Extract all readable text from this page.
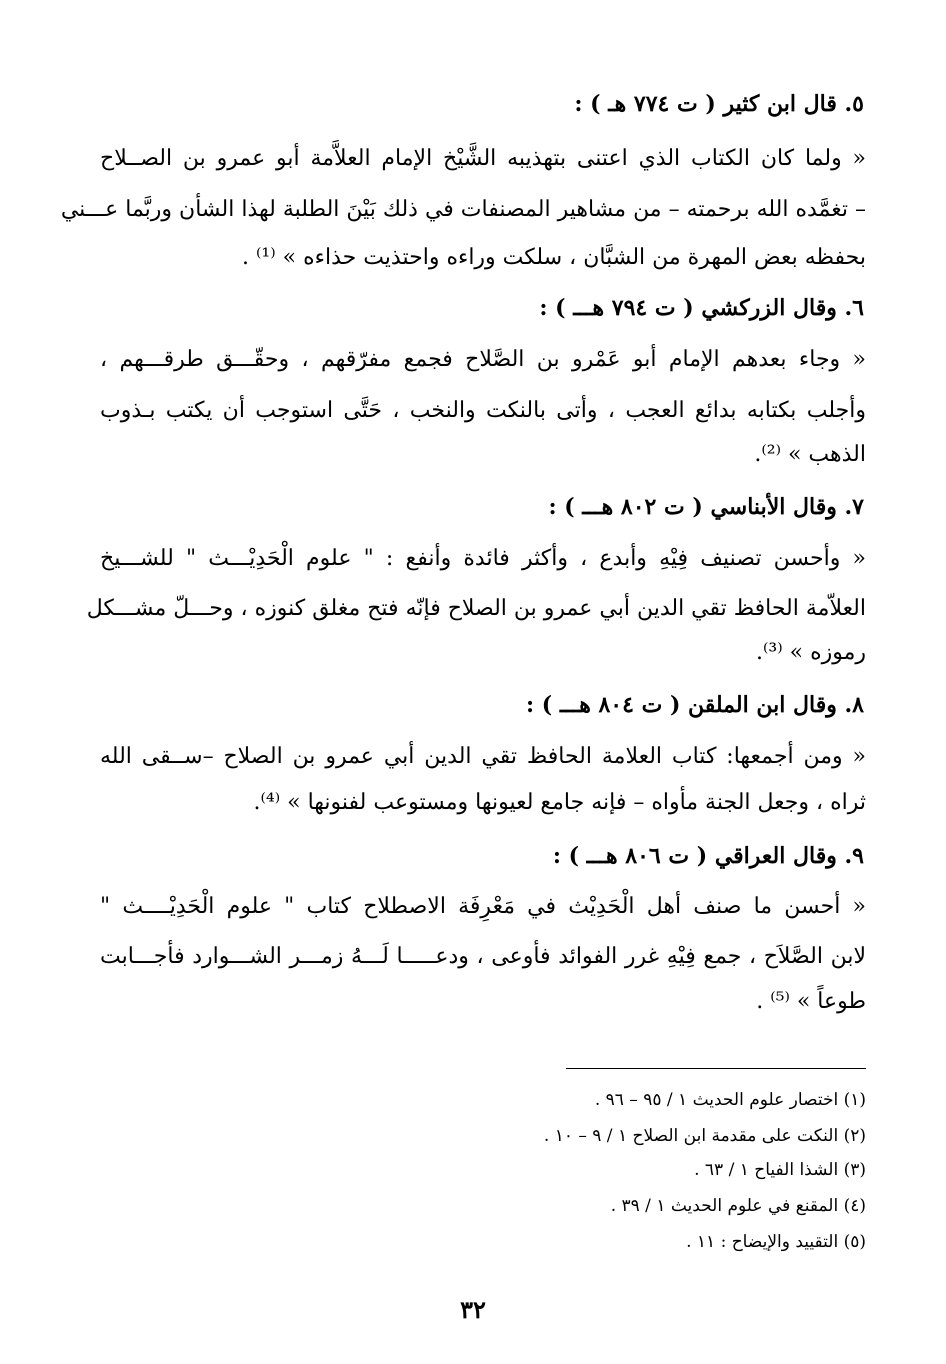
٥. قال ابن كثير ( ت ٧٧٤ هـ ) :
« ولما كان الكتاب الذي اعتنى بتهذيبه الشَّيْخ الإمام العلاَّمة أبو عمرو بن الصــلاح
– تغمَّده الله برحمته – من مشاهير المصنفات في ذلك بَيْنَ الطلبة لهذا الشأن وربَّما عـــني
بحفظه بعض المهرة من الشبَّان ، سلكت وراءه واحتذيت حذاءه » ⁽¹⁾ .
٦. وقال الزركشي ( ت ٧٩٤ هـــ ) :
« وجاء بعدهم الإمام أبو عَمْرو بن الصَّلاح فجمع مفرّقهم ، وحقّـــق طرقـــهم ،
وأجلب بكتابه بدائع العجب ، وأتى بالنكت والنخب ، حَتَّى استوجب أن يكتب بـذوب
الذهب » ⁽²⁾.
٧. وقال الأبناسي ( ت ٨٠٢ هـــ ) :
« وأحسن تصنيف فِيْهِ وأبدع ، وأكثر فائدة وأنفع : " علوم الْحَدِيْـــث " للشـــيخ
العلاّمة الحافظ تقي الدين أبي عمرو بن الصلاح فإنّه فتح مغلق كنوزه ، وحـــلّ مشـــكل
رموزه » ⁽³⁾.
٨. وقال ابن الملقن ( ت ٨٠٤ هـــ ) :
« ومن أجمعها: كتاب العلامة الحافظ تقي الدين أبي عمرو بن الصلاح –ســقى الله
ثراه ، وجعل الجنة مأواه – فإنه جامع لعيونها ومستوعب لفنونها » ⁽⁴⁾.
٩. وقال العراقي ( ت ٨٠٦ هـــ ) :
« أحسن ما صنف أهل الْحَدِيْث في مَعْرِفَة الاصطلاح كتاب " علوم الْحَدِيْــــث "
لابن الصَّلاَح ، جمع فِيْهِ غرر الفوائد فأوعى ، ودعـــــا لَـــهُ زمـــر الشـــوارد فأجـــابت
طوعاً » ⁽⁵⁾ .
(١) اختصار علوم الحديث ١ / ٩٥ – ٩٦ .
(٢) النكت على مقدمة ابن الصلاح ١ / ٩ – ١٠ .
(٣) الشذا الفياح ١ / ٦٣ .
(٤) المقنع في علوم الحديث ١ / ٣٩ .
(٥) التقييد والإيضاح : ١١ .
٣٢
